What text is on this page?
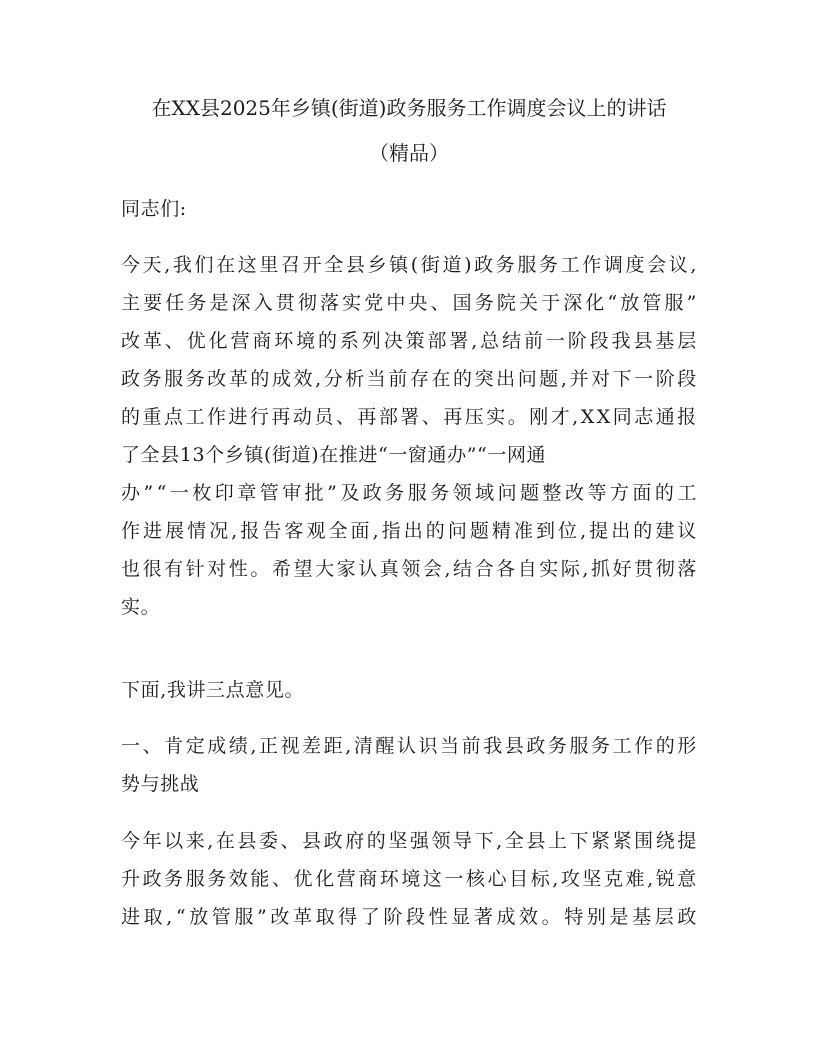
在XX县2025年乡镇(街道)政务服务工作调度会议上的讲话
（精品）

同志们:

今 天 , 我 们 在 这 里 召 开 全 县 乡 镇 ( 街 道 ) 政 务 服 务 工 作 调 度 会 议 ,
主 要 任 务 是 深 入 贯 彻 落 实 党 中 央 、 国 务 院 关 于 深 化 “ 放 管 服 ”
改 革 、 优 化 营 商 环 境 的 系 列 决 策 部 署 , 总 结 前 一 阶 段 我 县 基 层
政 务 服 务 改 革 的 成 效 , 分 析 当 前 存 在 的 突 出 问 题 , 并 对 下 一 阶 段
的 重 点 工 作 进 行 再 动 员 、 再 部 署 、 再 压 实 。 刚 才 , X X 同 志 通 报
了全县13个乡镇(街道)在推进“一窗通办”“一网通
办 ” “ 一 枚 印 章 管 审 批 ” 及 政 务 服 务 领 域 问 题 整 改 等 方 面 的 工
作 进 展 情 况 , 报 告 客 观 全 面 , 指 出 的 问 题 精 准 到 位 , 提 出 的 建 议
也 很 有 针 对 性 。 希 望 大 家 认 真 领 会 , 结 合 各 自 实 际 , 抓 好 贯 彻 落
实。

下面,我讲三点意见。

一 、 肯 定 成 绩 , 正 视 差 距 , 清 醒 认 识 当 前 我 县 政 务 服 务 工 作 的 形
势与挑战

今 年 以 来 , 在 县 委 、 县 政 府 的 坚 强 领 导 下 , 全 县 上 下 紧 紧 围 绕 提
升 政 务 服 务 效 能 、 优 化 营 商 环 境 这 一 核 心 目 标 , 攻 坚 克 难 , 锐 意
进 取 , “ 放 管 服 ” 改 革 取 得 了 阶 段 性 显 著 成 效 。 特 别 是 基 层 政
